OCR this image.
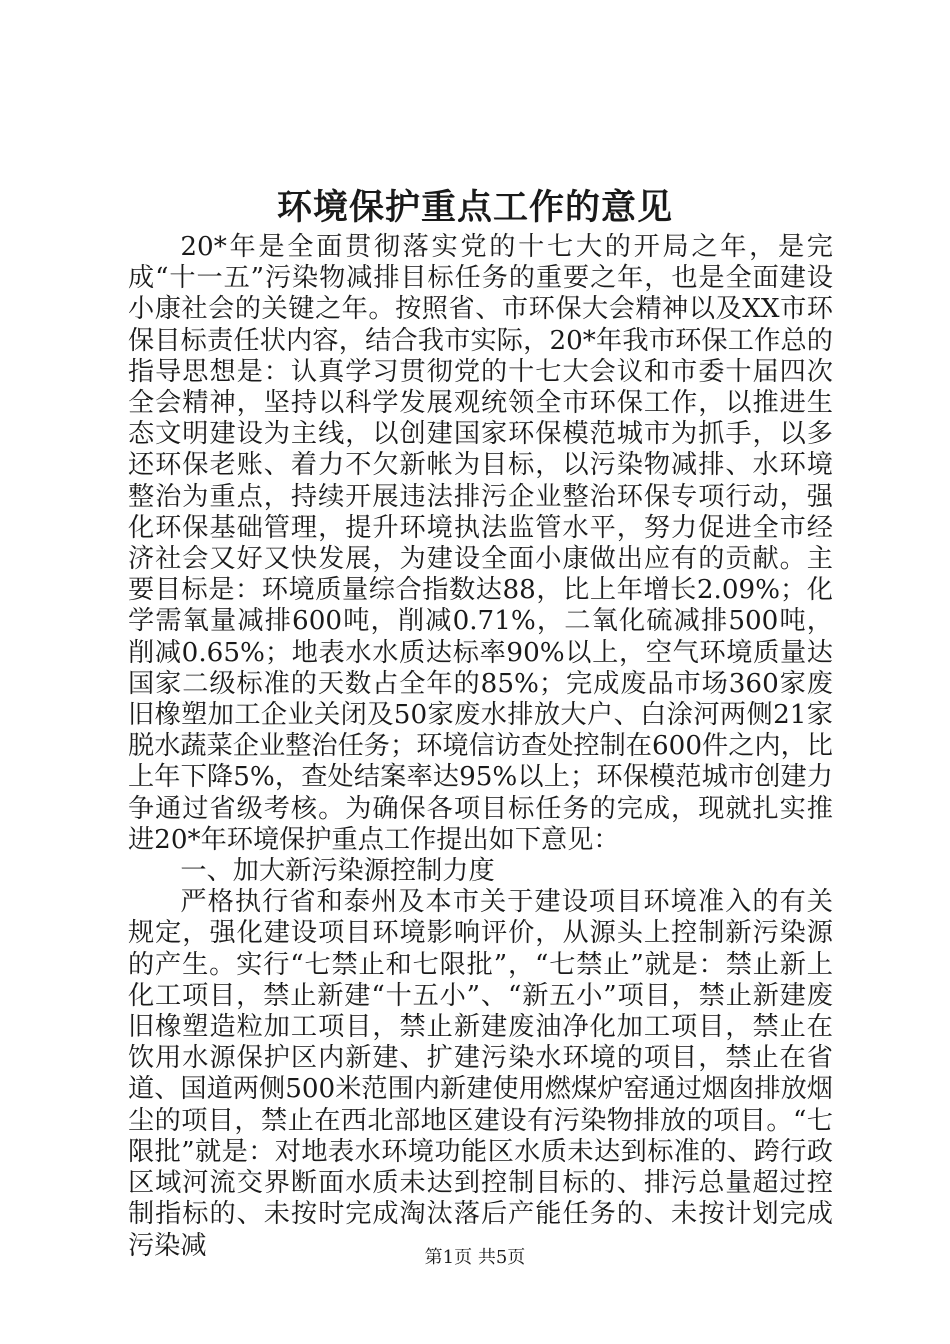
环境保护重点工作的意见

20*年是全面贯彻落实党的十七大的开局之年，是完成“十一五”污染物减排目标任务的重要之年，也是全面建设小康社会的关键之年。按照省、市环保大会精神以及XX市环保目标责任状内容，结合我市实际，20*年我市环保工作总的指导思想是：认真学习贯彻党的十七大会议和市委十届四次全会精神，坚持以科学发展观统领全市环保工作，以推进生态文明建设为主线，以创建国家环保模范城市为抓手，以多还环保老账、着力不欠新帐为目标，以污染物减排、水环境整治为重点，持续开展违法排污企业整治环保专项行动，强化环保基础管理，提升环境执法监管水平，努力促进全市经济社会又好又快发展，为建设全面小康做出应有的贡献。主要目标是：环境质量综合指数达88，比上年增长2.09%；化学需氧量减排600吨，削减0.71%，二氧化硫减排500吨，削减0.65%；地表水水质达标率90%以上，空气环境质量达国家二级标准的天数占全年的85%；完成废品市场360家废旧橡塑加工企业关闭及50家废水排放大户、白涂河两侧21家脱水蔬菜企业整治任务；环境信访查处控制在600件之内，比上年下降5%，查处结案率达95%以上；环保模范城市创建力争通过省级考核。为确保各项目标任务的完成，现就扎实推进20*年环境保护重点工作提出如下意见：

一、加大新污染源控制力度

严格执行省和泰州及本市关于建设项目环境准入的有关规定，强化建设项目环境影响评价，从源头上控制新污染源的产生。实行“七禁止和七限批”，“七禁止”就是：禁止新上化工项目，禁止新建“十五小”、“新五小”项目，禁止新建废旧橡塑造粒加工项目，禁止新建废油净化加工项目，禁止在饮用水源保护区内新建、扩建污染水环境的项目，禁止在省道、国道两侧500米范围内新建使用燃煤炉窑通过烟囱排放烟尘的项目，禁止在西北部地区建设有污染物排放的项目。“七限批”就是：对地表水环境功能区水质未达到标准的、跨行政区域河流交界断面水质未达到控制目标的、排污总量超过控制指标的、未按时完成淘汰落后产能任务的、未按计划完成污染减	第1页 共5页
